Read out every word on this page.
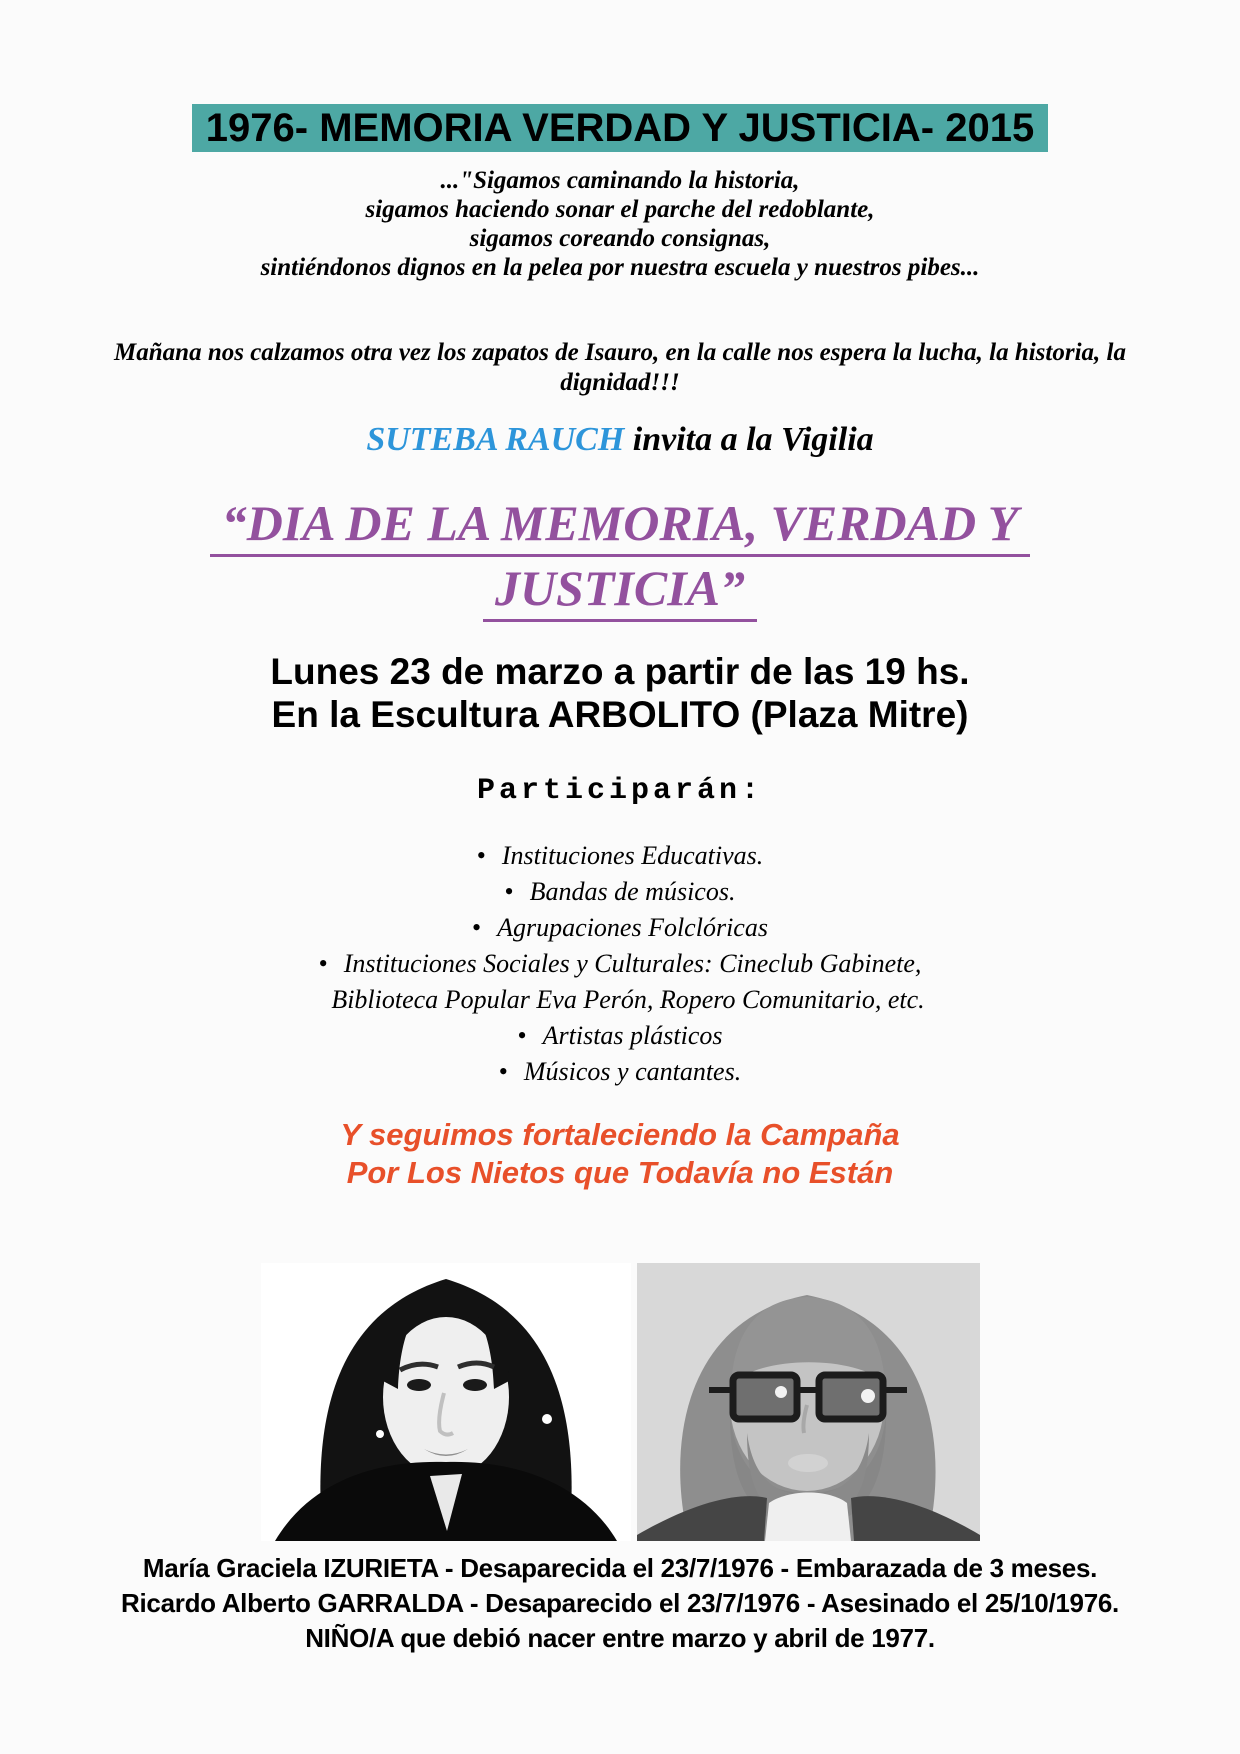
1976- MEMORIA VERDAD Y JUSTICIA- 2015
..."Sigamos caminando la historia,
sigamos haciendo sonar el parche del redoblante,
sigamos coreando consignas,
sintiéndonos dignos en la pelea por nuestra escuela y nuestros pibes...
Mañana nos calzamos otra vez los zapatos de Isauro, en la calle nos espera la lucha, la historia, la
dignidad!!!
SUTEBA RAUCH invita a la Vigilia
“DIA DE LA MEMORIA, VERDAD Y
JUSTICIA”
Lunes 23 de marzo a partir de las 19 hs.
En la Escultura ARBOLITO (Plaza Mitre)
Participarán:
• Instituciones Educativas.
• Bandas de músicos.
• Agrupaciones Folclóricas
• Instituciones Sociales y Culturales: Cineclub Gabinete,
Biblioteca Popular Eva Perón, Ropero Comunitario, etc.
• Artistas plásticos
• Músicos y cantantes.
Y seguimos fortaleciendo la Campaña
Por Los Nietos que Todavía no Están
María Graciela IZURIETA - Desaparecida el 23/7/1976 - Embarazada de 3 meses.
Ricardo Alberto GARRALDA - Desaparecido el 23/7/1976 - Asesinado el 25/10/1976.
NIÑO/A que debió nacer entre marzo y abril de 1977.
